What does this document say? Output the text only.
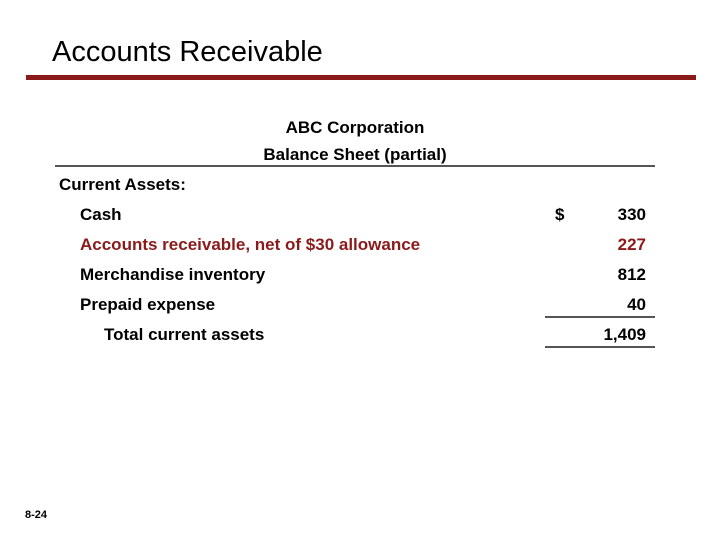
Accounts Receivable
ABC Corporation
Balance Sheet (partial)
Current Assets:
Cash	$	330
Accounts receivable, net of $30 allowance	227
Merchandise inventory	812
Prepaid expense	40
Total current assets	1,409
8-24
